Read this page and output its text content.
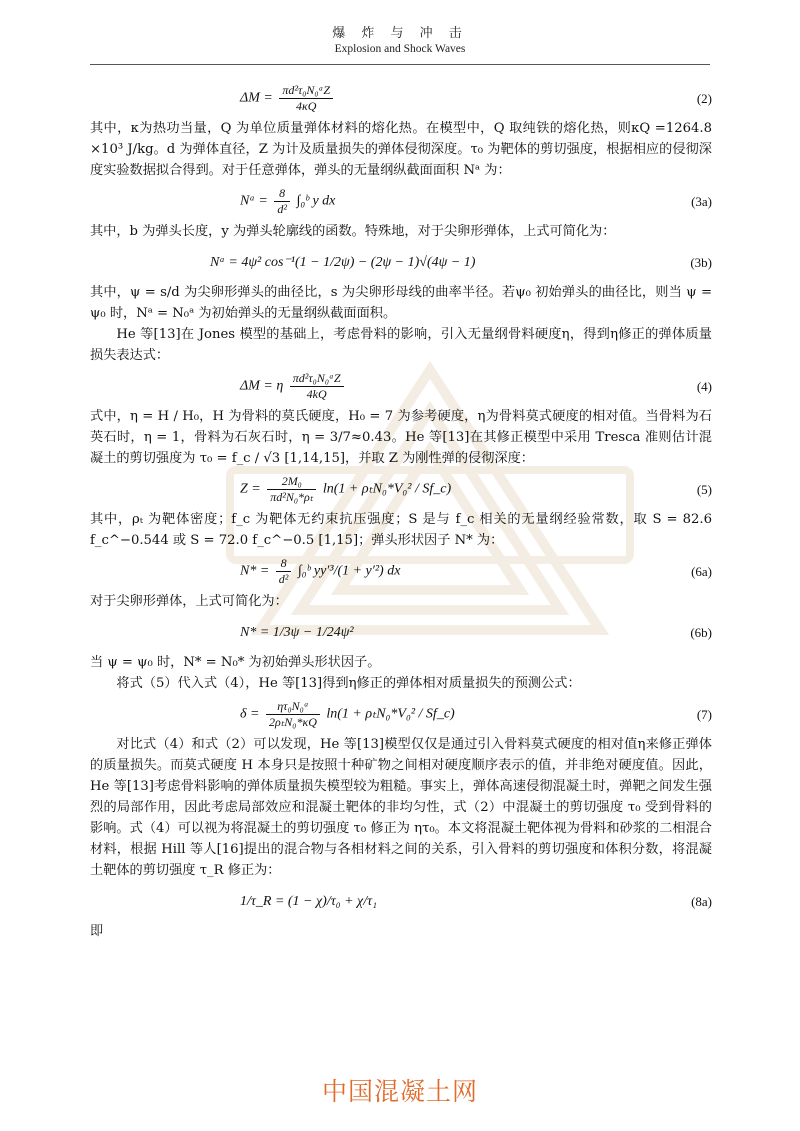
爆 炸 与 冲 击
Explosion and Shock Waves
$\Delta M = \frac{\text{πd²τ₀N₀ᵃZ}}{4\kappa Q}$	(2)

其中，κ为热功当量，Q 为单位质量弹体材料的熔化热。在模型中，Q 取纯铁的熔化热，则κQ =1264.8 ×10³ J/kg。d 为弹体直径，Z 为计及质量损失的弹体侵彻深度。τ₀ 为靶体的剪切强度，根据相应的侵彻深度实验数据拟合得到。对于任意弹体，弹头的无量纲纵截面面积 Nᵃ 为：

Nᵃ = $\frac{8}{\text{d²}}$ ∫₀ᵇ y dx	(3a)

其中，b 为弹头长度，y 为弹头轮廓线的函数。特殊地，对于尖卵形弹体，上式可简化为：

Nᵃ = 4ψ² cos⁻¹(1 − 1/2ψ) − (2ψ − 1)√(4ψ − 1)	(3b)

其中，ψ = s/d 为尖卵形弹头的曲径比，s 为尖卵形母线的曲率半径。若ψ₀ 初始弹头的曲径比，则当 ψ = ψ₀ 时，Nᵃ = N₀ᵃ 为初始弹头的无量纲纵截面面积。

He 等[13]在 Jones 模型的基础上，考虑骨料的影响，引入无量纲骨料硬度η，得到η修正的弹体质量损失表达式：

ΔM = η $\frac{\text{πd²τ₀N₀ᵃZ}}{4kQ}$	(4)

式中，η = H / H₀，H 为骨料的莫氏硬度，H₀ = 7 为参考硬度，η为骨料莫式硬度的相对值。当骨料为石英石时，η = 1，骨料为石灰石时，η = 3/7≈0.43。He 等[13]在其修正模型中采用 Tresca 准则估计混凝土的剪切强度为 τ₀ = f_c / √3 [1,14,15]，并取 Z 为刚性弹的侵彻深度：

$Z = \frac{\text{2M₀}}{\text{πd²N₀*ρₜ}} \ln(1 + \rho_tN_0*V_0^2$ / Sf_c)	(5)

其中，ρₜ 为靶体密度；f_c 为靶体无约束抗压强度；S 是与 f_c 相关的无量纲经验常数，取 S = 82.6 f_c^−0.544 或 S = 72.0 f_c^−0.5 [1,15]；弹头形状因子 N* 为：

$N* = \frac{8}{\text{d²}}$ ∫₀ᵇ yy′³/(1 + y′²) dx	(6a)

对于尖卵形弹体，上式可简化为：

N* = 1/3ψ − 1/24ψ²	(6b)

当 ψ = ψ₀ 时，N* = N₀* 为初始弹头形状因子。

将式（5）代入式（4），He 等[13]得到η修正的弹体相对质量损失的预测公式：

$\delta = \frac{\text{ητ₀N₀ᵃ}}{\text{2ρₜN₀*κQ}} \ln(1 + \rho_tN_0*V_0^2$ / Sf_c)	(7)

对比式（4）和式（2）可以发现，He 等[13]模型仅仅是通过引入骨料莫式硬度的相对值η来修正弹体的质量损失。而莫式硬度 H 本身只是按照十种矿物之间相对硬度顺序表示的值，并非绝对硬度值。因此，He 等[13]考虑骨料影响的弹体质量损失模型较为粗糙。事实上，弹体高速侵彻混凝土时，弹靶之间发生强烈的局部作用，因此考虑局部效应和混凝土靶体的非均匀性，式（2）中混凝土的剪切强度 τ₀ 受到骨料的影响。式（4）可以视为将混凝土的剪切强度 τ₀ 修正为 ητ₀。本文将混凝土靶体视为骨料和砂浆的二相混合材料，根据 Hill 等人[16]提出的混合物与各相材料之间的关系，引入骨料的剪切强度和体积分数，将混凝土靶体的剪切强度 τ_R 修正为：

1/τ_R = (1 − χ)/τ₀ + χ/τ₁	(8a)

即

中国混凝土网
